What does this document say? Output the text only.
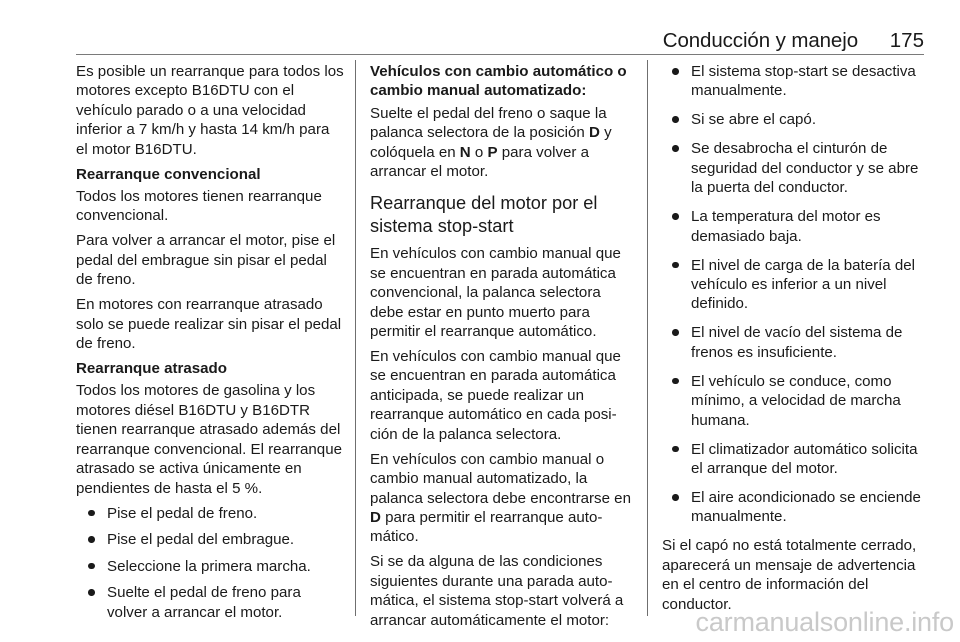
Conducción y manejo 175

Es posible un rearranque para todos los motores excepto B16DTU con el vehículo parado o a una velocidad inferior a 7 km/h y hasta 14 km/h para el motor B16DTU.

Rearranque convencional

Todos los motores tienen rearranque convencional.

Para volver a arrancar el motor, pise el pedal del embrague sin pisar el pedal de freno.

En motores con rearranque atrasado solo se puede realizar sin pisar el pedal de freno.

Rearranque atrasado

Todos los motores de gasolina y los motores diésel B16DTU y B16DTR tienen rearranque atrasado además del rearranque convencional. El rearranque atrasado se activa únicamente en pendientes de hasta el 5 %.

Pise el pedal de freno.
Pise el pedal del embrague.
Seleccione la primera marcha.
Suelte el pedal de freno para volver a arrancar el motor.

Vehículos con cambio automático o cambio manual automatizado:

Suelte el pedal del freno o saque la palanca selectora de la posición D y colóquela en N o P para volver a arrancar el motor.

Rearranque del motor por el sistema stop-start

En vehículos con cambio manual que se encuentran en parada automática convencional, la palanca selectora debe estar en punto muerto para permitir el rearranque automático.

En vehículos con cambio manual que se encuentran en parada automática anticipada, se puede realizar un rearranque automático en cada posición de la palanca selectora.

En vehículos con cambio manual o cambio manual automatizado, la palanca selectora debe encontrarse en D para permitir el rearranque automático.

Si se da alguna de las condiciones siguientes durante una parada automática, el sistema stop-start volverá a arrancar automáticamente el motor:

El sistema stop-start se desactiva manualmente.
Si se abre el capó.
Se desabrocha el cinturón de seguridad del conductor y se abre la puerta del conductor.
La temperatura del motor es demasiado baja.
El nivel de carga de la batería del vehículo es inferior a un nivel definido.
El nivel de vacío del sistema de frenos es insuficiente.
El vehículo se conduce, como mínimo, a velocidad de marcha humana.
El climatizador automático solicita el arranque del motor.
El aire acondicionado se enciende manualmente.

Si el capó no está totalmente cerrado, aparecerá un mensaje de advertencia en el centro de información del conductor.

carmanualsonline.info
